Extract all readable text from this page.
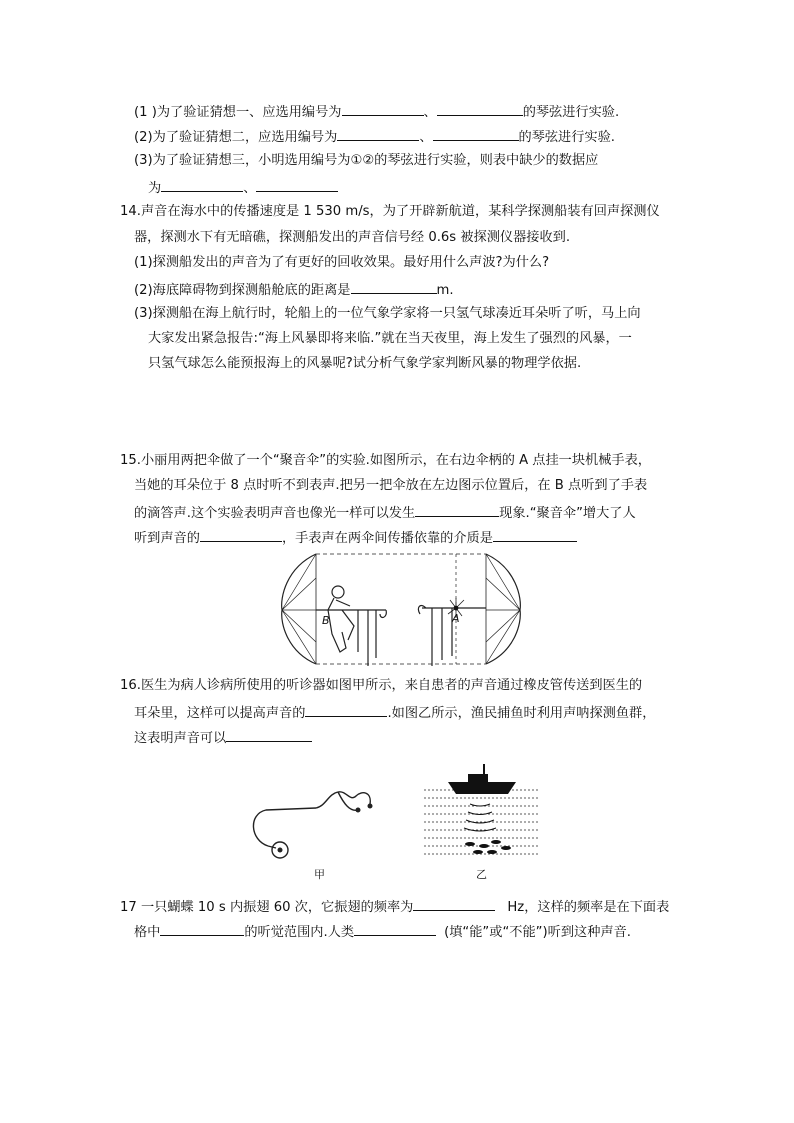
(1 )为了验证猜想一、应选用编号为	、	的琴弦进行实验.
(2)为了验证猜想二，应选用编号为	、	的琴弦进行实验.
(3)为了验证猜想三，小明选用编号为①②的琴弦进行实验，则表中缺少的数据应
为	、
14.声音在海水中的传播速度是 1 530 m/s，为了开辟新航道，某科学探测船装有回声探测仪
器，探测水下有无暗礁，探测船发出的声音信号经 0.6s 被探测仪器接收到.
(1)探测船发出的声音为了有更好的回收效果。最好用什么声波?为什么?
(2)海底障碍物到探测船舱底的距离是	m.
(3)探测船在海上航行时，轮船上的一位气象学家将一只氢气球凑近耳朵听了听，马上向
大家发出紧急报告:“海上风暴即将来临.”就在当天夜里，海上发生了强烈的风暴，一
只氢气球怎么能预报海上的风暴呢?试分析气象学家判断风暴的物理学依据.
15.小丽用两把伞做了一个“聚音伞”的实验.如图所示，在右边伞柄的 A 点挂一块机械手表，
当她的耳朵位于 8 点时听不到表声.把另一把伞放在左边图示位置后，在 B 点听到了手表
的滴答声.这个实验表明声音也像光一样可以发生	现象.“聚音伞”增大了人
听到声音的	，手表声在两伞间传播依靠的介质是
B	A
16.医生为病人诊病所使用的听诊器如图甲所示，来自患者的声音通过橡皮管传送到医生的
耳朵里，这样可以提高声音的	.如图乙所示，渔民捕鱼时利用声呐探测鱼群，
这表明声音可以
甲	乙
17 一只蝴蝶 10 s 内振翅 60 次，它振翅的频率为	Hz，这样的频率是在下面表
格中	的听觉范围内.人类	(填“能”或“不能”)听到这种声音.
